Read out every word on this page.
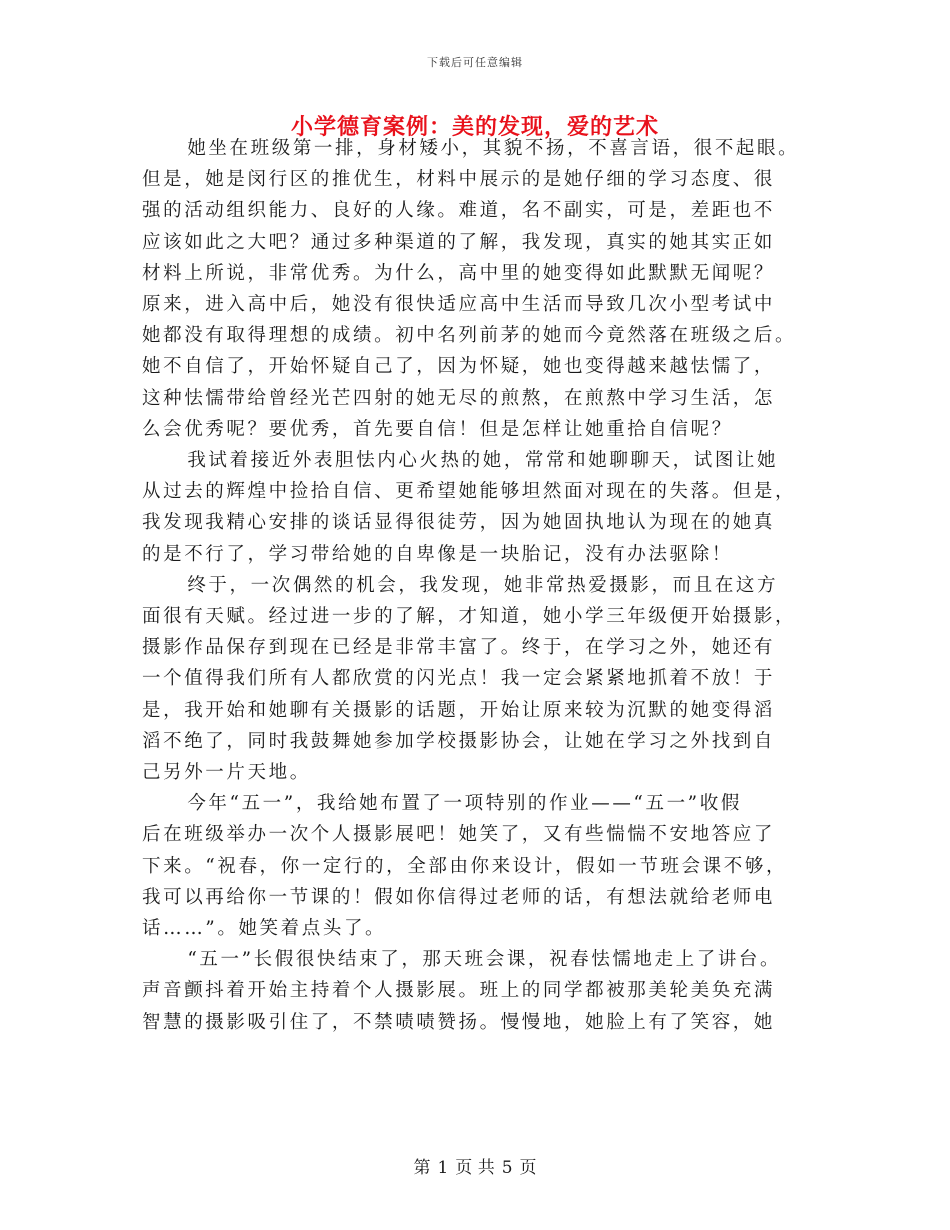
下载后可任意编辑
小学德育案例：美的发现，爱的艺术

她坐在班级第一排，身材矮小，其貌不扬，不喜言语，很不起眼。
但是，她是闵行区的推优生，材料中展示的是她仔细的学习态度、很
强的活动组织能力、良好的人缘。难道，名不副实，可是，差距也不
应该如此之大吧？通过多种渠道的了解，我发现，真实的她其实正如
材料上所说，非常优秀。为什么，高中里的她变得如此默默无闻呢？
原来，进入高中后，她没有很快适应高中生活而导致几次小型考试中
她都没有取得理想的成绩。初中名列前茅的她而今竟然落在班级之后。
她不自信了，开始怀疑自己了，因为怀疑，她也变得越来越怯懦了，
这种怯懦带给曾经光芒四射的她无尽的煎熬，在煎熬中学习生活，怎
么会优秀呢？要优秀，首先要自信！但是怎样让她重拾自信呢？

我试着接近外表胆怯内心火热的她，常常和她聊聊天，试图让她
从过去的辉煌中捡拾自信、更希望她能够坦然面对现在的失落。但是，
我发现我精心安排的谈话显得很徒劳，因为她固执地认为现在的她真
的是不行了，学习带给她的自卑像是一块胎记，没有办法驱除！

终于，一次偶然的机会，我发现，她非常热爱摄影，而且在这方
面很有天赋。经过进一步的了解，才知道，她小学三年级便开始摄影，
摄影作品保存到现在已经是非常丰富了。终于，在学习之外，她还有
一个值得我们所有人都欣赏的闪光点！我一定会紧紧地抓着不放！于
是，我开始和她聊有关摄影的话题，开始让原来较为沉默的她变得滔
滔不绝了，同时我鼓舞她参加学校摄影协会，让她在学习之外找到自
己另外一片天地。

今年“五一”，我给她布置了一项特别的作业——“五一”收假
后在班级举办一次个人摄影展吧！她笑了，又有些惴惴不安地答应了
下来。“祝春，你一定行的，全部由你来设计，假如一节班会课不够，
我可以再给你一节课的！假如你信得过老师的话，有想法就给老师电
话……”。她笑着点头了。

“五一”长假很快结束了，那天班会课，祝春怯懦地走上了讲台。
声音颤抖着开始主持着个人摄影展。班上的同学都被那美轮美奂充满
智慧的摄影吸引住了，不禁啧啧赞扬。慢慢地，她脸上有了笑容，她

第 1 页 共 5 页
